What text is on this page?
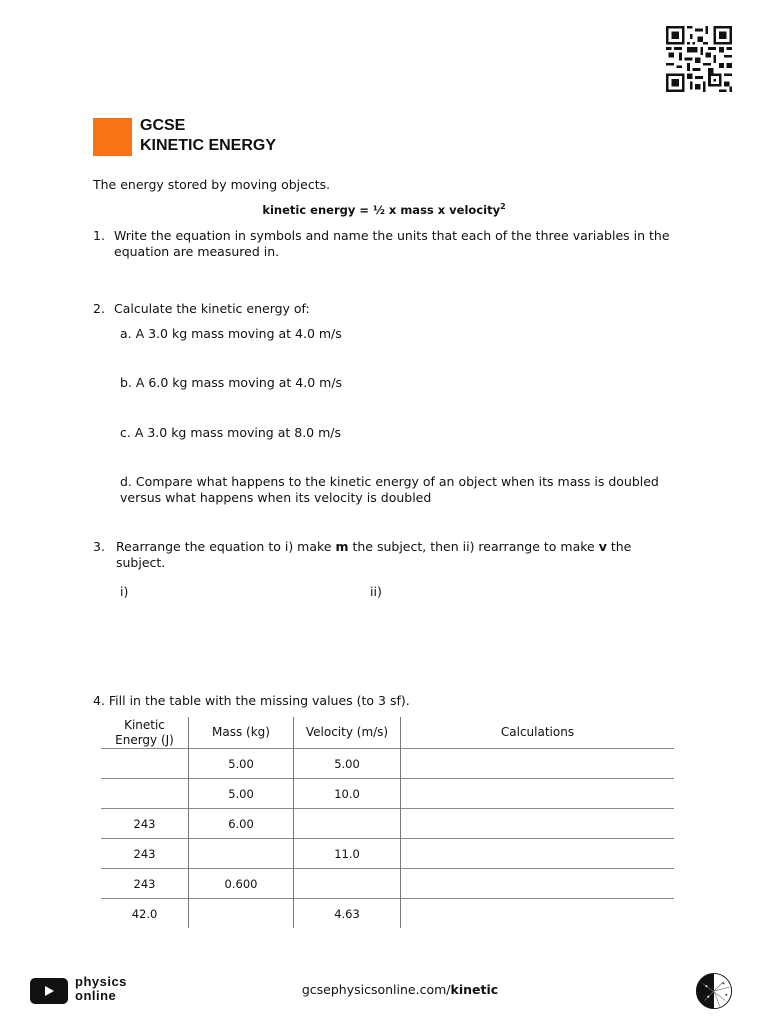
GCSE
KINETIC ENERGY
The energy stored by moving objects.
kinetic energy = ½ x mass x velocity$^2$
1. Write the equation in symbols and name the units that each of the three variables in the
equation are measured in.
2. Calculate the kinetic energy of:
a. A 3.0 kg mass moving at 4.0 m/s
b. A 6.0 kg mass moving at 4.0 m/s
c. A 3.0 kg mass moving at 8.0 m/s
d. Compare what happens to the kinetic energy of an object when its mass is doubled
versus what happens when its velocity is doubled
3. Rearrange the equation to i) make m the subject, then ii) rearrange to make v the
subject.
i)	ii)
4. Fill in the table with the missing values (to 3 sf).
Kinetic Energy (J)	Mass (kg)	Velocity (m/s)	Calculations
	5.00	5.00	
	5.00	10.0	
243	6.00		
243		11.0	
243	0.600		
42.0		4.63	
physics
online	gcsephysicsonline.com/kinetic
